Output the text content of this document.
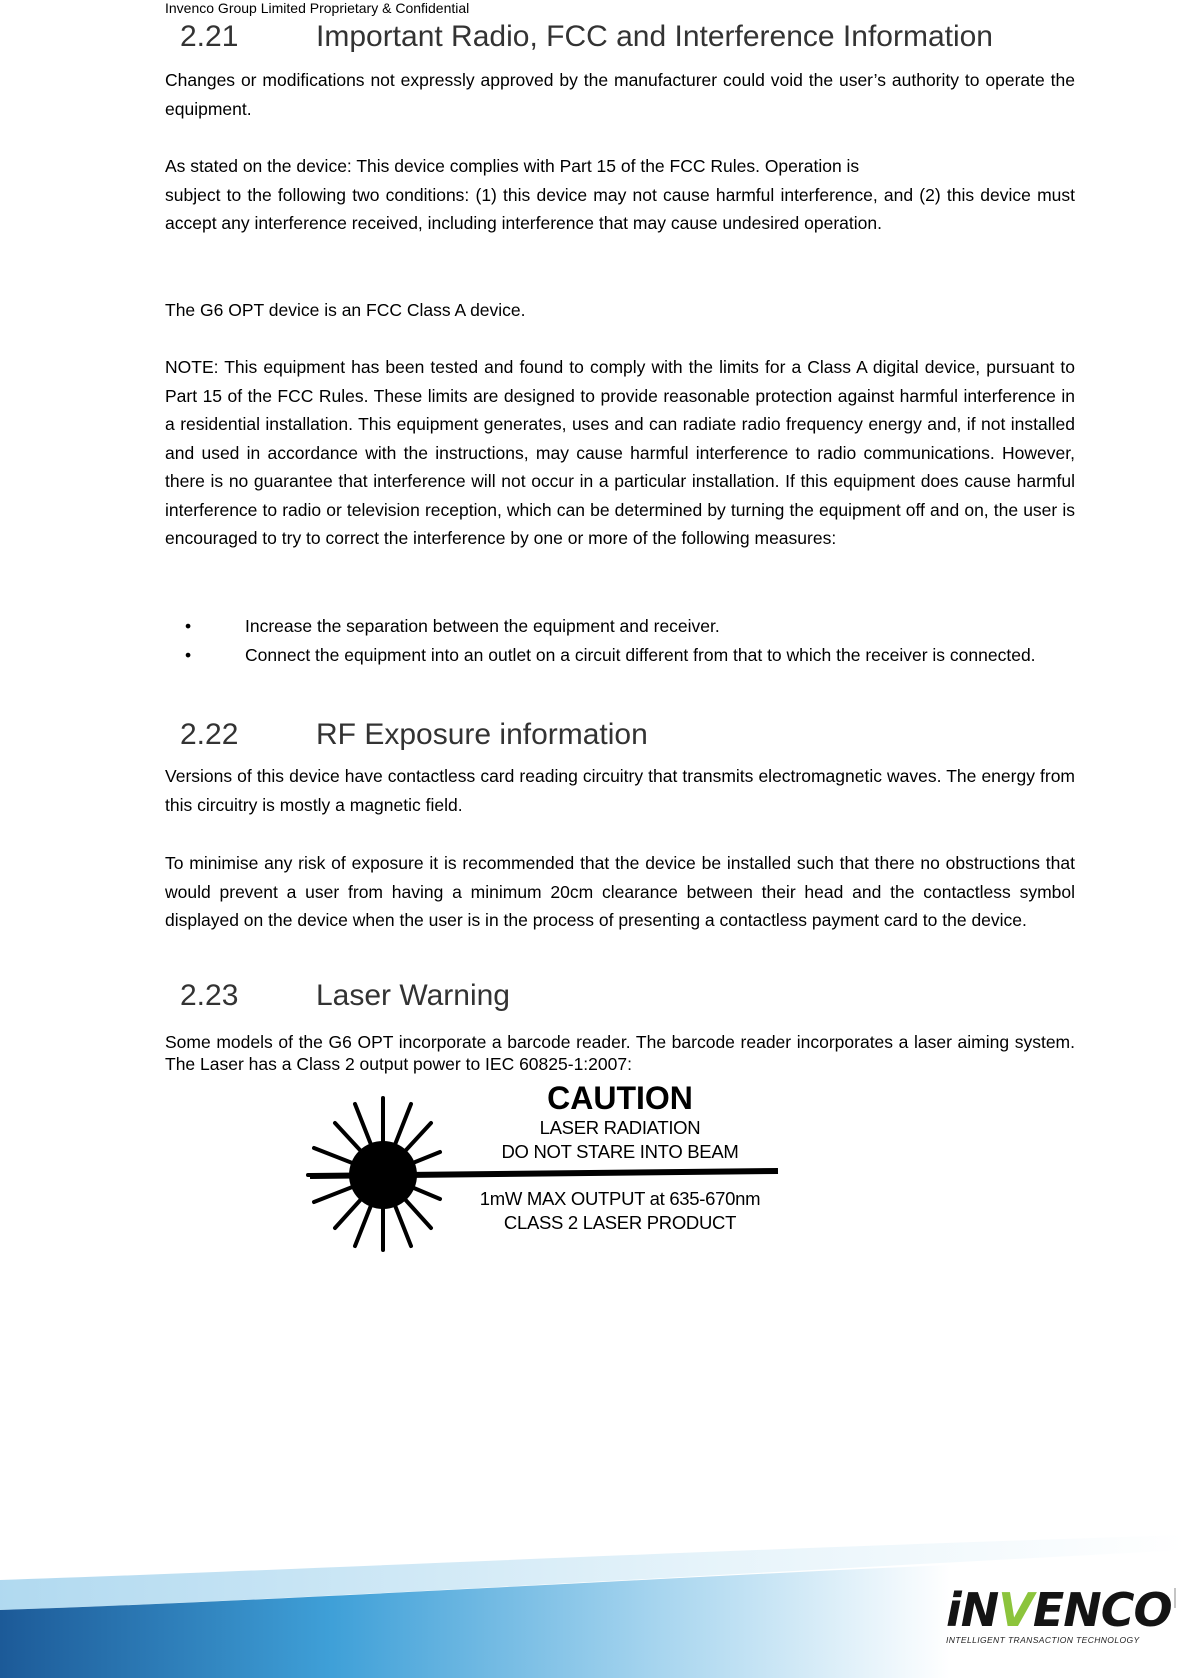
Invenco Group Limited Proprietary & Confidential
2.21	Important Radio, FCC and Interference Information

Changes or modifications not expressly approved by the manufacturer could void the user’s authority to operate the equipment.

As stated on the device: This device complies with Part 15 of the FCC Rules. Operation is
subject to the following two conditions: (1) this device may not cause harmful interference, and (2) this device must accept any interference received, including interference that may cause undesired operation.

The G6 OPT device is an FCC Class A device.

NOTE: This equipment has been tested and found to comply with the limits for a Class A digital device, pursuant to Part 15 of the FCC Rules. These limits are designed to provide reasonable protection against harmful interference in a residential installation. This equipment generates, uses and can radiate radio frequency energy and, if not installed and used in accordance with the instructions, may cause harmful interference to radio communications. However, there is no guarantee that interference will not occur in a particular installation. If this equipment does cause harmful interference to radio or television reception, which can be determined by turning the equipment off and on, the user is encouraged to try to correct the interference by one or more of the following measures:

• Increase the separation between the equipment and receiver.
• Connect the equipment into an outlet on a circuit different from that to which the receiver is connected.
2.22	RF Exposure information

Versions of this device have contactless card reading circuitry that transmits electromagnetic waves. The energy from this circuitry is mostly a magnetic field.

To minimise any risk of exposure it is recommended that the device be installed such that there no obstructions that would prevent a user from having a minimum 20cm clearance between their head and the contactless symbol displayed on the device when the user is in the process of presenting a contactless payment card to the device.

2.23	Laser Warning

Some models of the G6 OPT incorporate a barcode reader. The barcode reader incorporates a laser aiming system. The Laser has a Class 2 output power to IEC 60825-1:2007:

CAUTION
LASER RADIATION
DO NOT STARE INTO BEAM
1mW MAX OUTPUT at 635-670nm
CLASS 2 LASER PRODUCT
iNVENCO
INTELLIGENT TRANSACTION TECHNOLOGY
